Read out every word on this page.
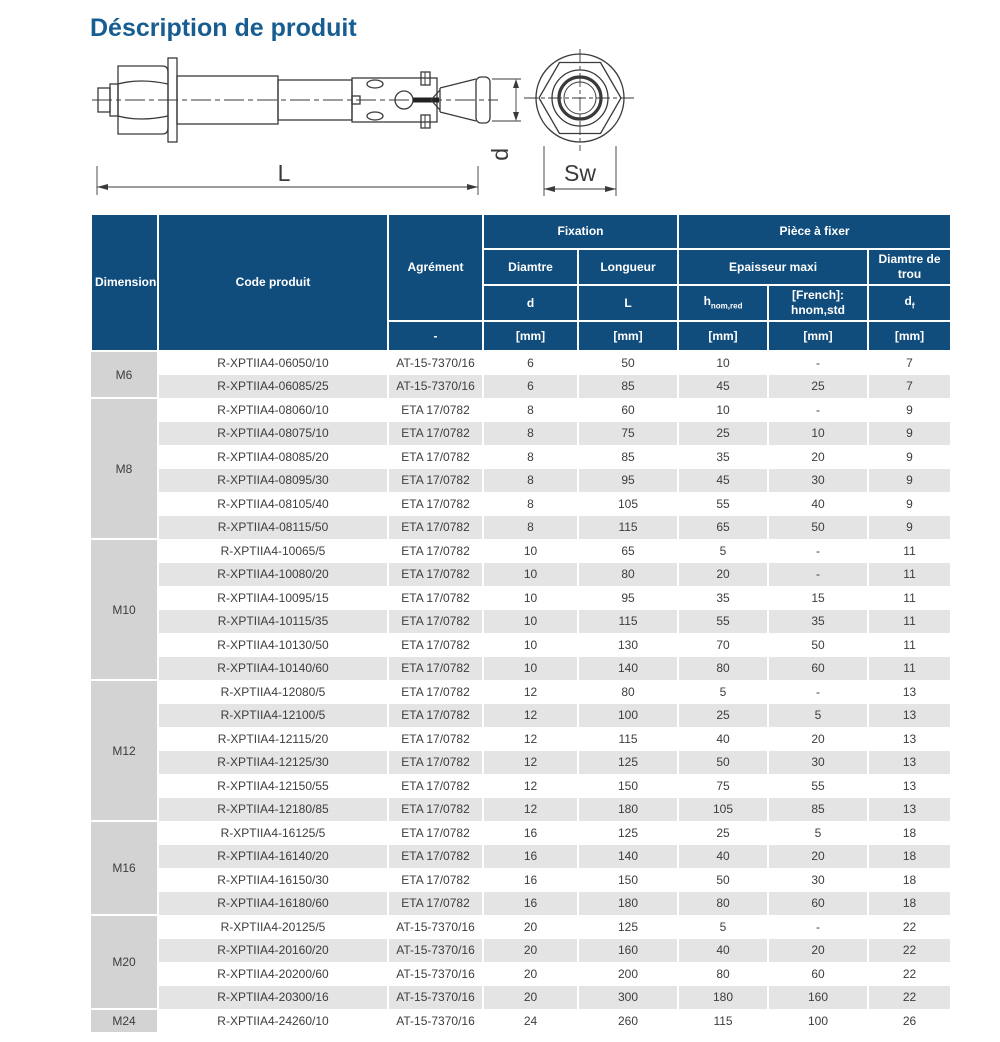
Déscription de produit
L
d
Sw
Dimension	Code produit	Agrément	Fixation		Pièce à fixer		
			Diamtre	Longueur	Epaisseur maxi		Diamtre de trou
			d	L	$h_{nom,red}$	[French]: hnom,std	$d_f$
		-	[mm]	[mm]	[mm]	[mm]	[mm]
M6	R-XPTIIA4-06050/10	AT-15-7370/16	6	50	10	-	7
	R-XPTIIA4-06085/25	AT-15-7370/16	6	85	45	25	7
M8	R-XPTIIA4-08060/10	ETA 17/0782	8	60	10	-	9
	R-XPTIIA4-08075/10	ETA 17/0782	8	75	25	10	9
	R-XPTIIA4-08085/20	ETA 17/0782	8	85	35	20	9
	R-XPTIIA4-08095/30	ETA 17/0782	8	95	45	30	9
	R-XPTIIA4-08105/40	ETA 17/0782	8	105	55	40	9
	R-XPTIIA4-08115/50	ETA 17/0782	8	115	65	50	9
M10	R-XPTIIA4-10065/5	ETA 17/0782	10	65	5	-	11
	R-XPTIIA4-10080/20	ETA 17/0782	10	80	20	-	11
	R-XPTIIA4-10095/15	ETA 17/0782	10	95	35	15	11
	R-XPTIIA4-10115/35	ETA 17/0782	10	115	55	35	11
	R-XPTIIA4-10130/50	ETA 17/0782	10	130	70	50	11
	R-XPTIIA4-10140/60	ETA 17/0782	10	140	80	60	11
M12	R-XPTIIA4-12080/5	ETA 17/0782	12	80	5	-	13
	R-XPTIIA4-12100/5	ETA 17/0782	12	100	25	5	13
	R-XPTIIA4-12115/20	ETA 17/0782	12	115	40	20	13
	R-XPTIIA4-12125/30	ETA 17/0782	12	125	50	30	13
	R-XPTIIA4-12150/55	ETA 17/0782	12	150	75	55	13
	R-XPTIIA4-12180/85	ETA 17/0782	12	180	105	85	13
M16	R-XPTIIA4-16125/5	ETA 17/0782	16	125	25	5	18
	R-XPTIIA4-16140/20	ETA 17/0782	16	140	40	20	18
	R-XPTIIA4-16150/30	ETA 17/0782	16	150	50	30	18
	R-XPTIIA4-16180/60	ETA 17/0782	16	180	80	60	18
M20	R-XPTIIA4-20125/5	AT-15-7370/16	20	125	5	-	22
	R-XPTIIA4-20160/20	AT-15-7370/16	20	160	40	20	22
	R-XPTIIA4-20200/60	AT-15-7370/16	20	200	80	60	22
	R-XPTIIA4-20300/16	AT-15-7370/16	20	300	180	160	22
M24	R-XPTIIA4-24260/10	AT-15-7370/16	24	260	115	100	26
